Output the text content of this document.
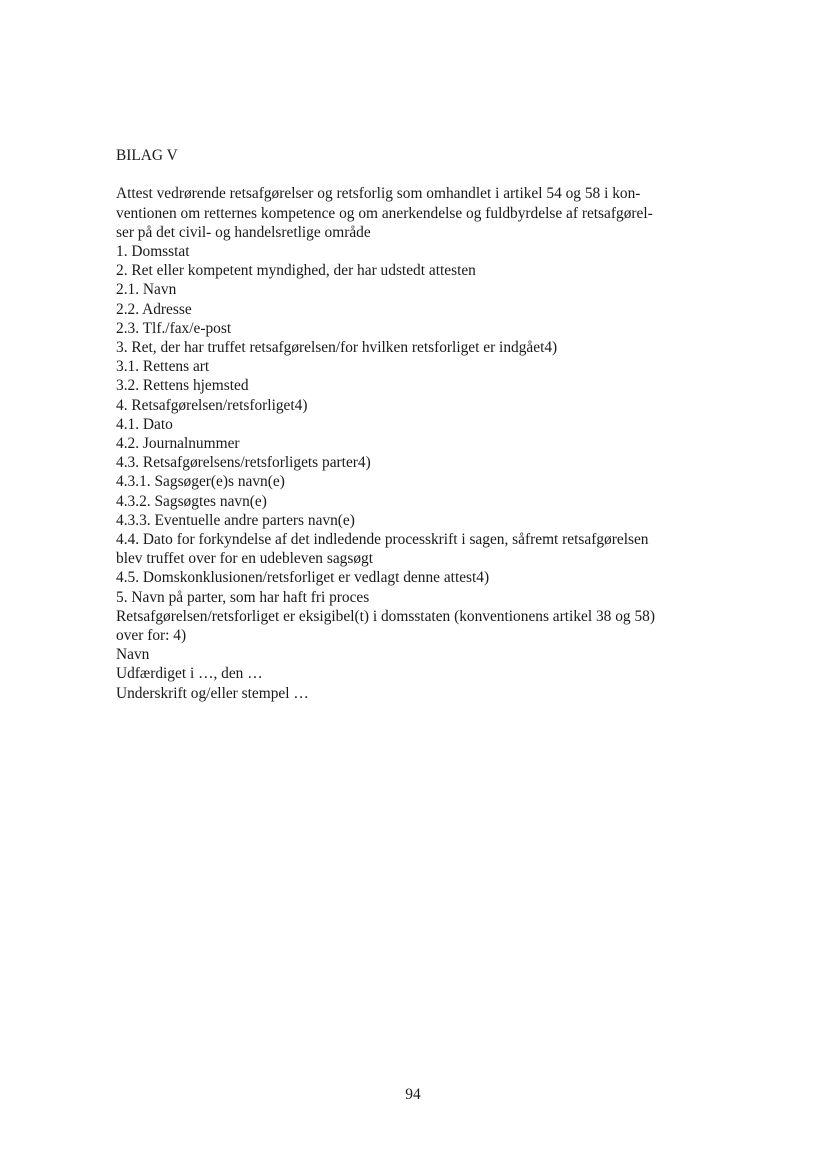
BILAG V

Attest vedrørende retsafgørelser og retsforlig som omhandlet i artikel 54 og 58 i kon-

ventionen om retternes kompetence og om anerkendelse og fuldbyrdelse af retsafgørel-

ser på det civil- og handelsretlige område

1. Domsstat

2. Ret eller kompetent myndighed, der har udstedt attesten

2.1. Navn

2.2. Adresse

2.3. Tlf./fax/e-post

3. Ret, der har truffet retsafgørelsen/for hvilken retsforliget er indgået4)

3.1. Rettens art

3.2. Rettens hjemsted

4. Retsafgørelsen/retsforliget4)

4.1. Dato

4.2. Journalnummer

4.3. Retsafgørelsens/retsforligets parter4)

4.3.1. Sagsøger(e)s navn(e)

4.3.2. Sagsøgtes navn(e)

4.3.3. Eventuelle andre parters navn(e)

4.4. Dato for forkyndelse af det indledende processkrift i sagen, såfremt retsafgørelsen

blev truffet over for en udebleven sagsøgt

4.5. Domskonklusionen/retsforliget er vedlagt denne attest4)

5. Navn på parter, som har haft fri proces

Retsafgørelsen/retsforliget er eksigibel(t) i domsstaten (konventionens artikel 38 og 58)

over for: 4)

Navn

Udfærdiget i …, den …

Underskrift og/eller stempel …

94
